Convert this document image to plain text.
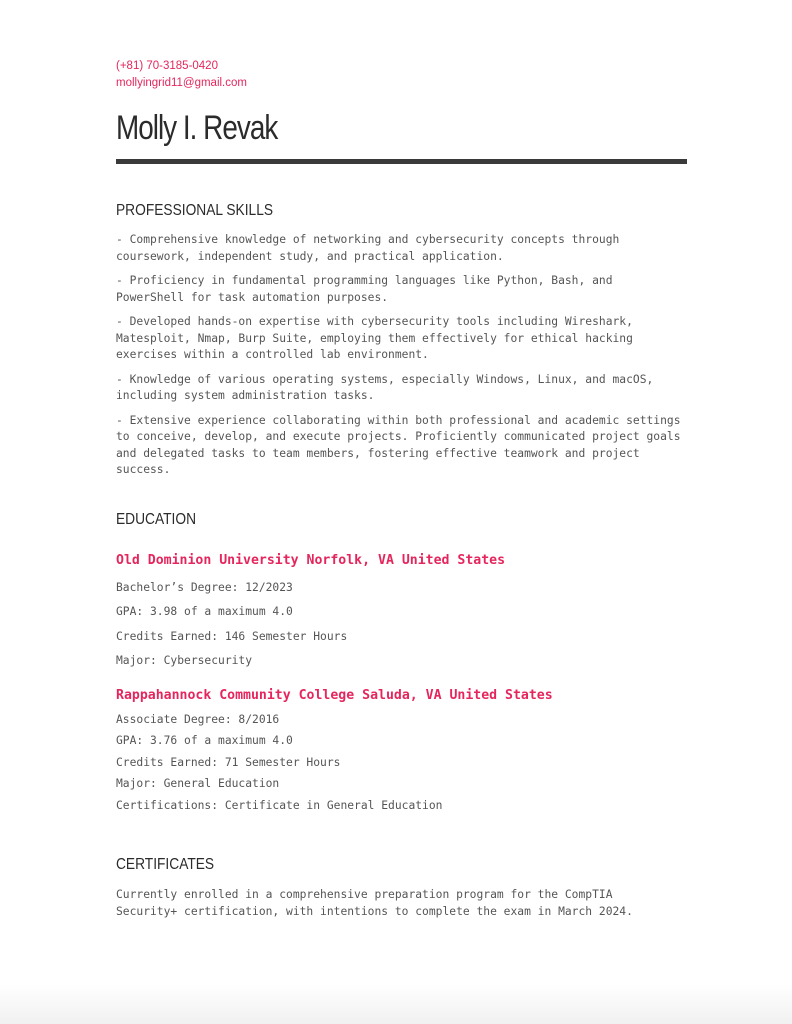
(+81) 70-3185-0420
mollyingrid11@gmail.com
Molly I. Revak
PROFESSIONAL SKILLS
- Comprehensive knowledge of networking and cybersecurity concepts through coursework, independent study, and practical application.
- Proficiency in fundamental programming languages like Python, Bash, and PowerShell for task automation purposes.
- Developed hands-on expertise with cybersecurity tools including Wireshark, Matesploit, Nmap, Burp Suite, employing them effectively for ethical hacking exercises within a controlled lab environment.
- Knowledge of various operating systems, especially Windows, Linux, and macOS, including system administration tasks.
- Extensive experience collaborating within both professional and academic settings to conceive, develop, and execute projects. Proficiently communicated project goals and delegated tasks to team members, fostering effective teamwork and project success.
EDUCATION
Old Dominion University Norfolk, VA United States
Bachelor’s Degree: 12/2023
GPA: 3.98 of a maximum 4.0
Credits Earned: 146 Semester Hours
Major: Cybersecurity
Rappahannock Community College Saluda, VA United States
Associate Degree: 8/2016
GPA: 3.76 of a maximum 4.0
Credits Earned: 71 Semester Hours
Major: General Education
Certifications: Certificate in General Education
CERTIFICATES
Currently enrolled in a comprehensive preparation program for the CompTIA Security+ certification, with intentions to complete the exam in March 2024.
